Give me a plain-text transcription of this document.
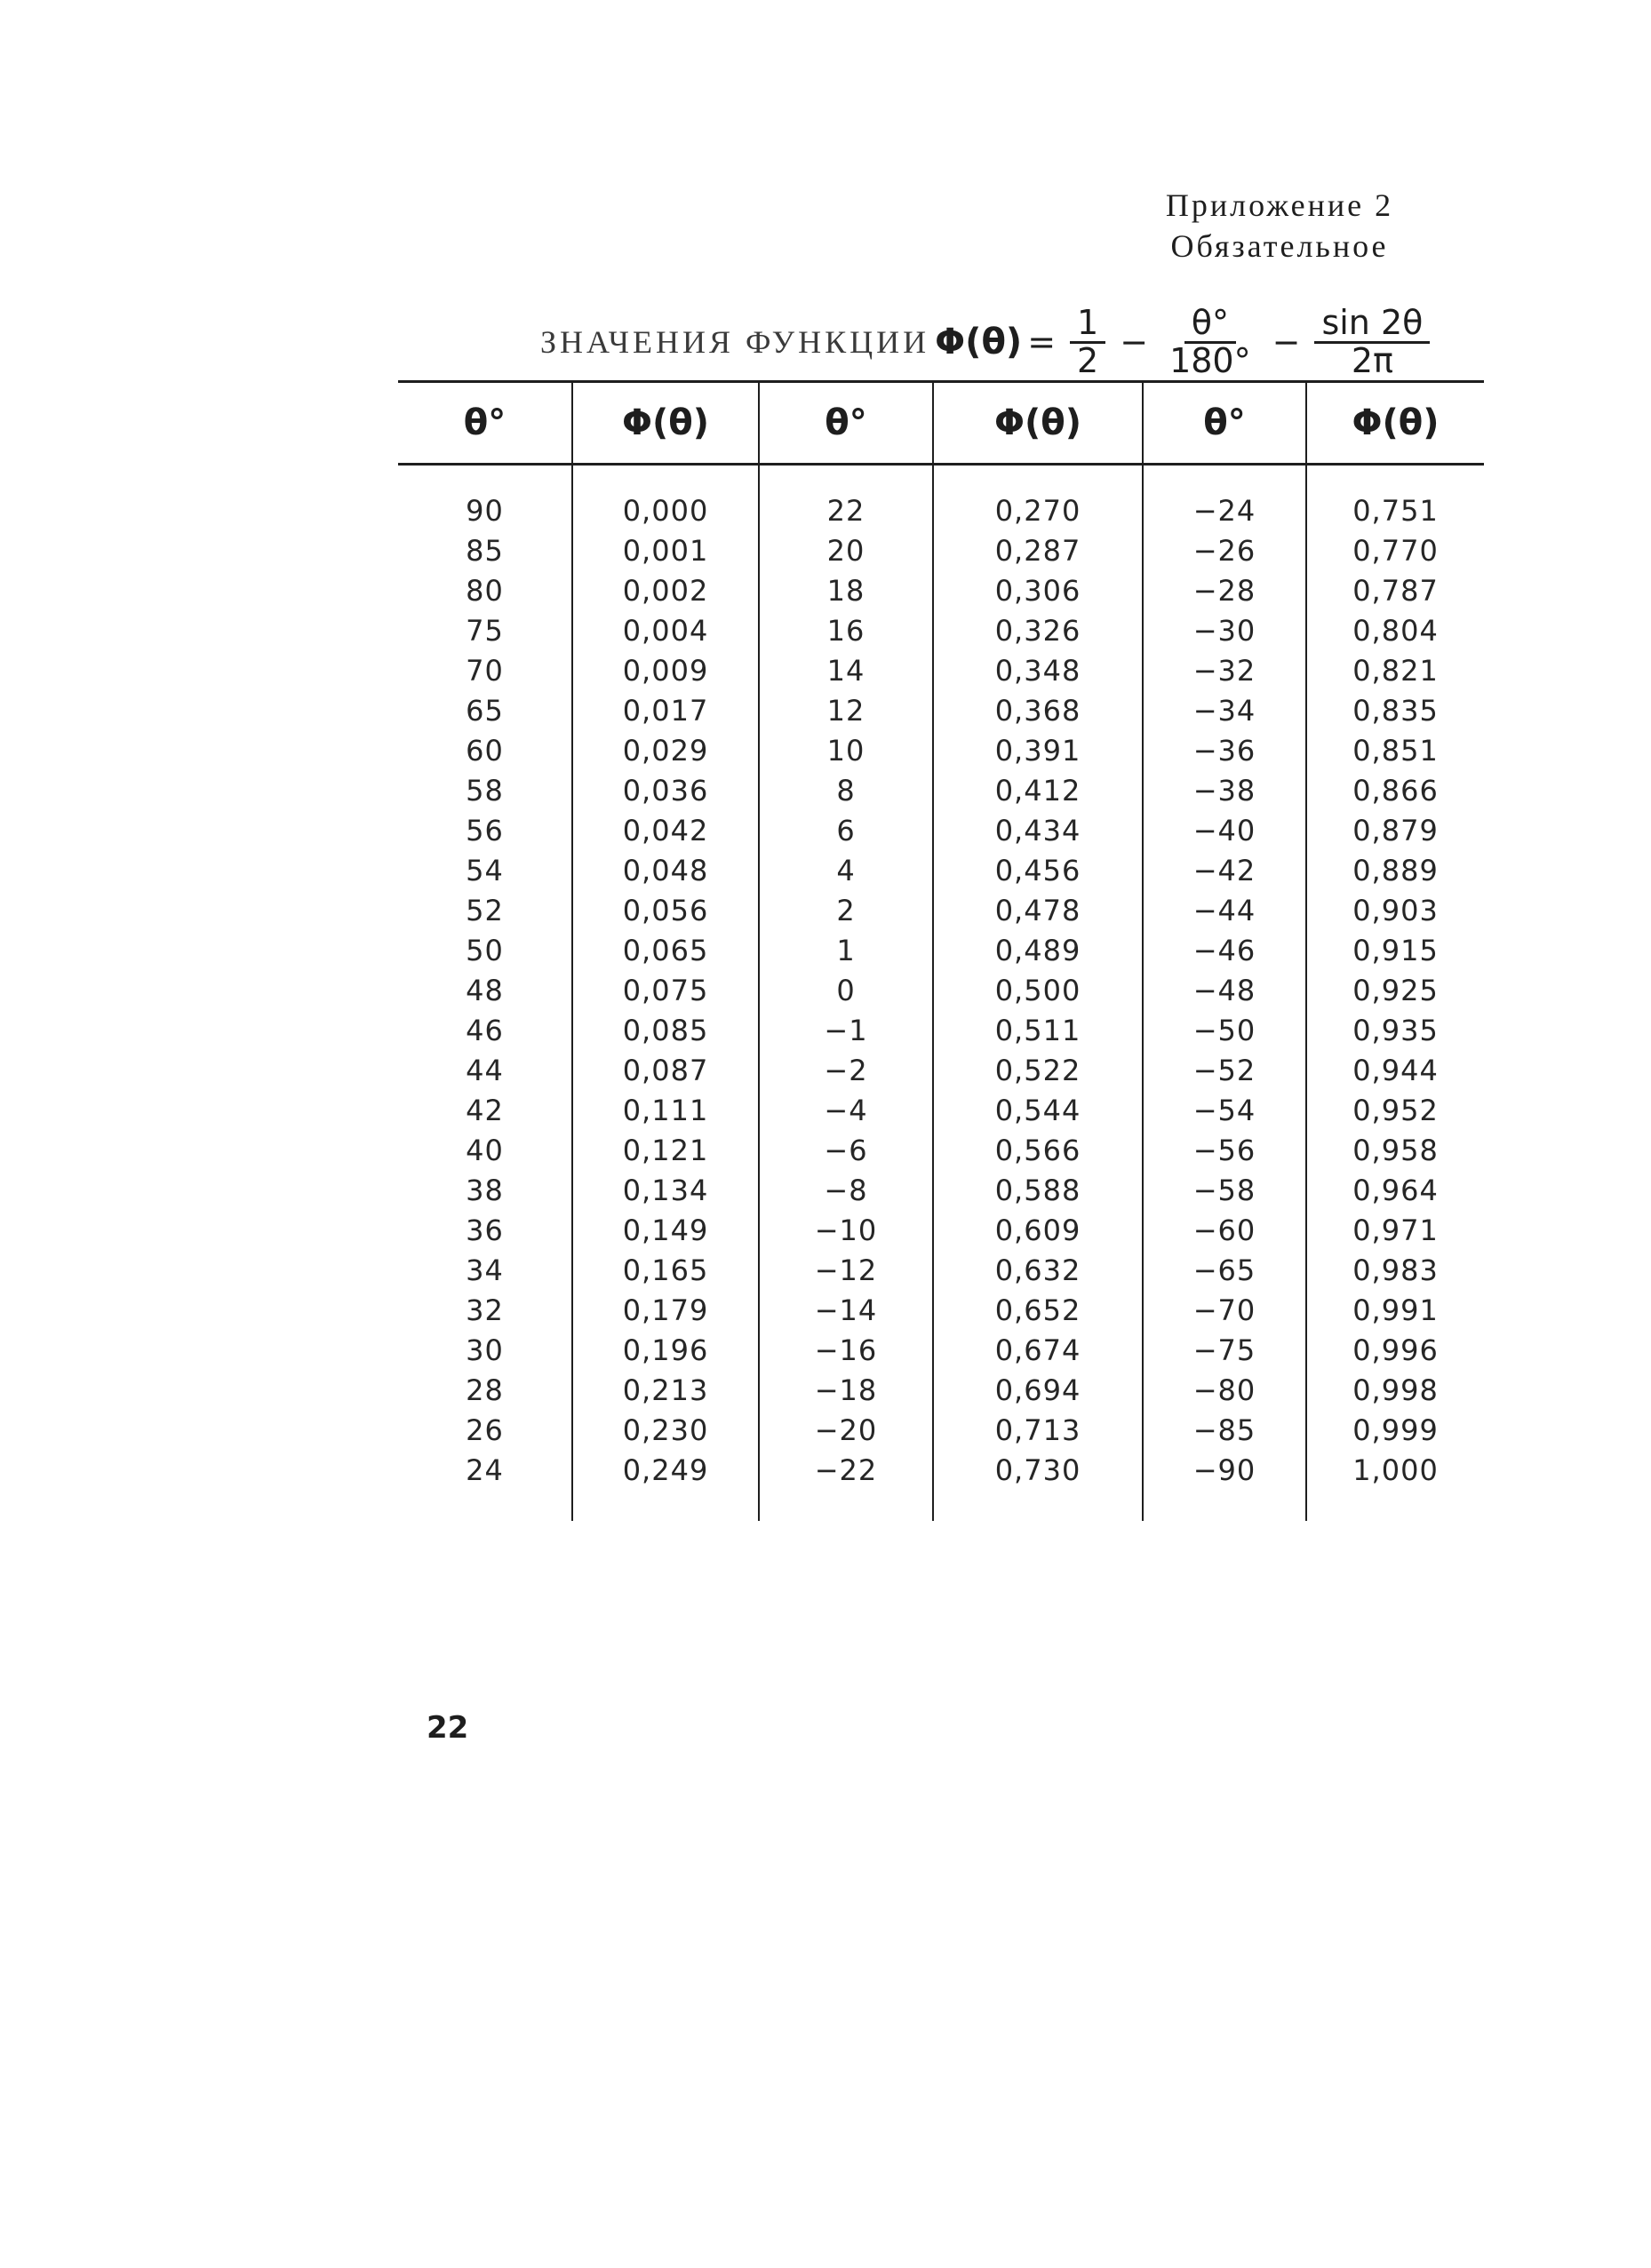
Приложение 2
Обязательное
ЗНАЧЕНИЯ ФУНКЦИИ $\Phi(\theta) = \frac{1}{2} - \frac{\theta^\circ}{180^\circ} - \frac{\sin 2\theta}{2\pi}$
θ°	Φ(θ)	θ°	Φ(θ)	θ°	Φ(θ)

90	0,000	22	0,270	−24	0,751
85	0,001	20	0,287	−26	0,770
80	0,002	18	0,306	−28	0,787
75	0,004	16	0,326	−30	0,804
70	0,009	14	0,348	−32	0,821
65	0,017	12	0,368	−34	0,835
60	0,029	10	0,391	−36	0,851
58	0,036	8	0,412	−38	0,866
56	0,042	6	0,434	−40	0,879
54	0,048	4	0,456	−42	0,889
52	0,056	2	0,478	−44	0,903
50	0,065	1	0,489	−46	0,915
48	0,075	0	0,500	−48	0,925
46	0,085	−1	0,511	−50	0,935
44	0,087	−2	0,522	−52	0,944
42	0,111	−4	0,544	−54	0,952
40	0,121	−6	0,566	−56	0,958
38	0,134	−8	0,588	−58	0,964
36	0,149	−10	0,609	−60	0,971
34	0,165	−12	0,632	−65	0,983
32	0,179	−14	0,652	−70	0,991
30	0,196	−16	0,674	−75	0,996
28	0,213	−18	0,694	−80	0,998
26	0,230	−20	0,713	−85	0,999
24	0,249	−22	0,730	−90	1,000

22
